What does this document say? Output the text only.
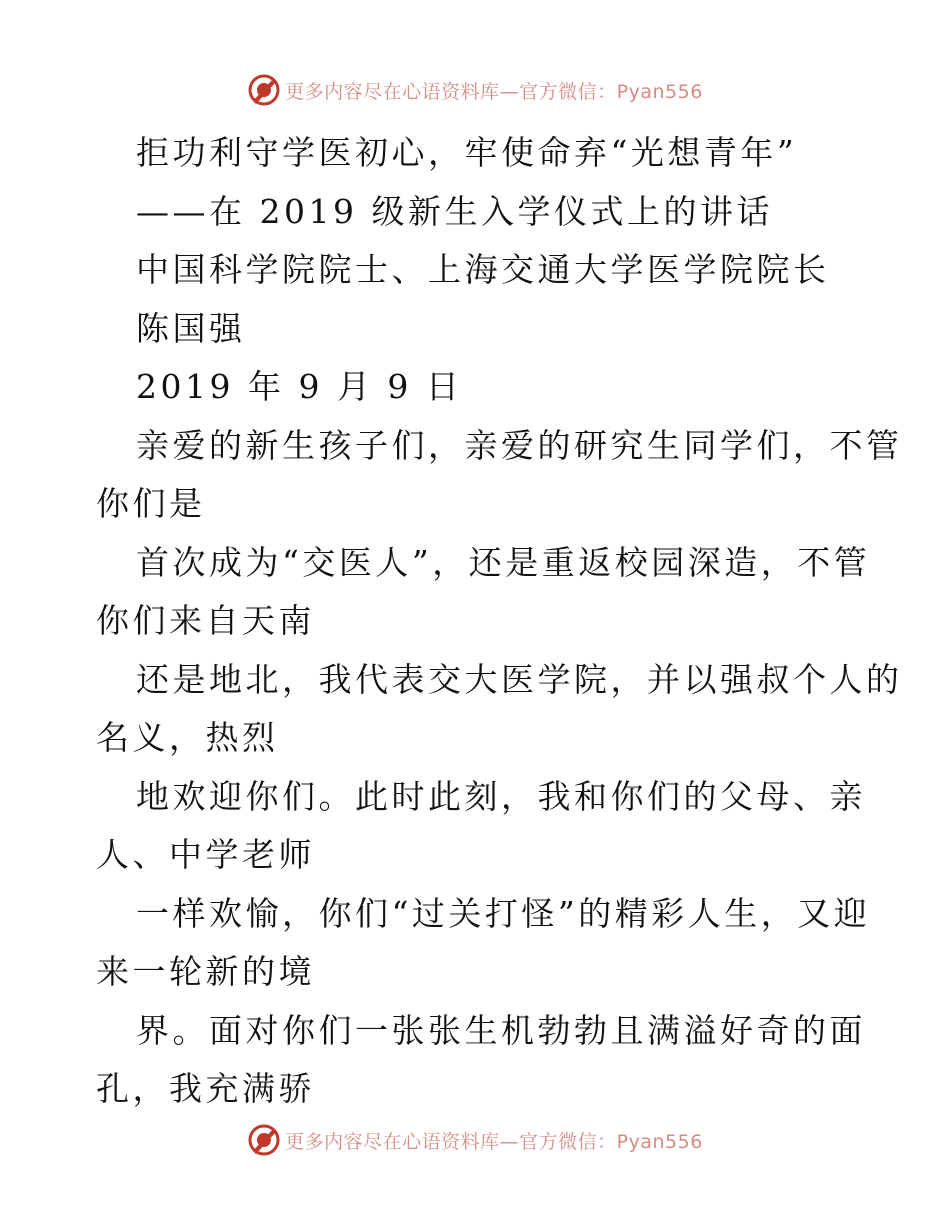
更多内容尽在心语资料库—官方微信：Pyan556
拒功利守学医初心，牢使命弃“光想青年”
——在 2019 级新生入学仪式上的讲话
中国科学院院士、上海交通大学医学院院长
陈国强
2019 年 9 月 9 日
亲爱的新生孩子们，亲爱的研究生同学们，不管
你们是
首次成为“交医人”，还是重返校园深造，不管
你们来自天南
还是地北，我代表交大医学院，并以强叔个人的
名义，热烈
地欢迎你们。此时此刻，我和你们的父母、亲
人、中学老师
一样欢愉，你们“过关打怪”的精彩人生，又迎
来一轮新的境
界。面对你们一张张生机勃勃且满溢好奇的面
孔，我充满骄
更多内容尽在心语资料库—官方微信：Pyan556
